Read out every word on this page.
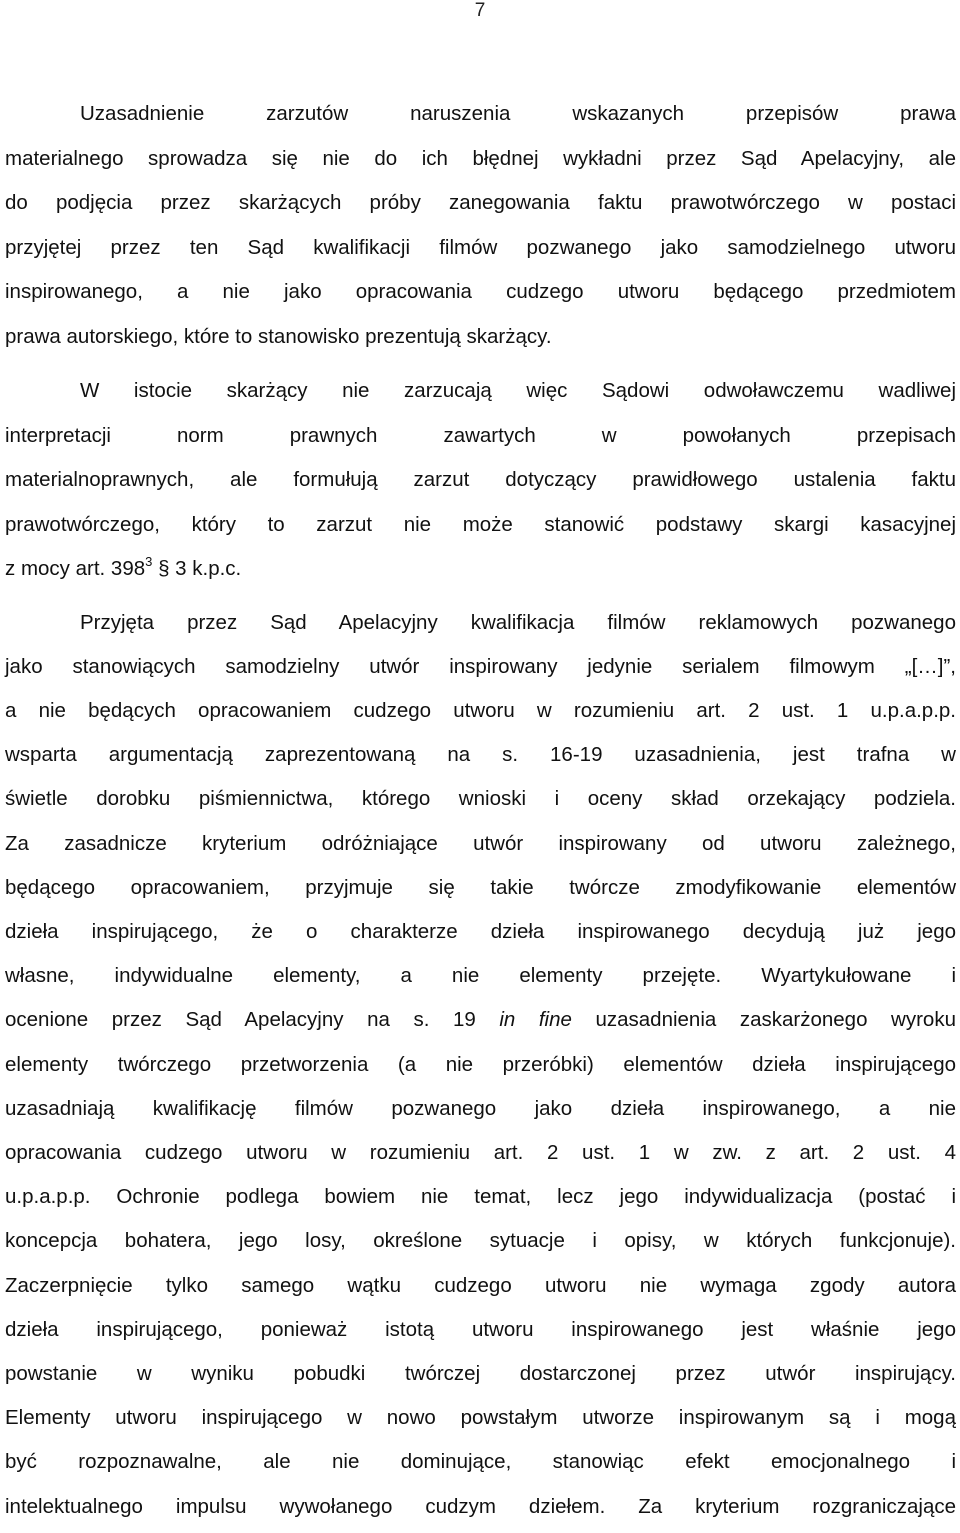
7
Uzasadnienie zarzutów naruszenia wskazanych przepisów prawa
materialnego sprowadza się nie do ich błędnej wykładni przez Sąd Apelacyjny, ale
do podjęcia przez skarżących próby zanegowania faktu prawotwórczego w postaci
przyjętej przez ten Sąd kwalifikacji filmów pozwanego jako samodzielnego utworu
inspirowanego, a nie jako opracowania cudzego utworu będącego przedmiotem
prawa autorskiego, które to stanowisko prezentują skarżący.
W istocie skarżący nie zarzucają więc Sądowi odwoławczemu wadliwej
interpretacji norm prawnych zawartych w powołanych przepisach
materialnoprawnych, ale formułują zarzut dotyczący prawidłowego ustalenia faktu
prawotwórczego, który to zarzut nie może stanowić podstawy skargi kasacyjnej
z mocy art. $398^3$ § 3 k.p.c.
Przyjęta przez Sąd Apelacyjny kwalifikacja filmów reklamowych pozwanego
jako stanowiących samodzielny utwór inspirowany jedynie serialem filmowym „[…]”,
a nie będących opracowaniem cudzego utworu w rozumieniu art. 2 ust. 1 u.p.a.p.p.
wsparta argumentacją zaprezentowaną na s. 16-19 uzasadnienia, jest trafna w
świetle dorobku piśmiennictwa, którego wnioski i oceny skład orzekający podziela.
Za zasadnicze kryterium odróżniające utwór inspirowany od utworu zależnego,
będącego opracowaniem, przyjmuje się takie twórcze zmodyfikowanie elementów
dzieła inspirującego, że o charakterze dzieła inspirowanego decydują już jego
własne, indywidualne elementy, a nie elementy przejęte. Wyartykułowane i
ocenione przez Sąd Apelacyjny na s. 19 in fine uzasadnienia zaskarżonego wyroku
elementy twórczego przetworzenia (a nie przeróbki) elementów dzieła inspirującego
uzasadniają kwalifikację filmów pozwanego jako dzieła inspirowanego, a nie
opracowania cudzego utworu w rozumieniu art. 2 ust. 1 w zw. z art. 2 ust. 4
u.p.a.p.p. Ochronie podlega bowiem nie temat, lecz jego indywidualizacja (postać i
koncepcja bohatera, jego losy, określone sytuacje i opisy, w których funkcjonuje).
Zaczerpnięcie tylko samego wątku cudzego utworu nie wymaga zgody autora
dzieła inspirującego, ponieważ istotą utworu inspirowanego jest właśnie jego
powstanie w wyniku pobudki twórczej dostarczonej przez utwór inspirujący.
Elementy utworu inspirującego w nowo powstałym utworze inspirowanym są i mogą
być rozpoznawalne, ale nie dominujące, stanowiąc efekt emocjonalnego i
intelektualnego impulsu wywołanego cudzym dziełem. Za kryterium rozgraniczające
